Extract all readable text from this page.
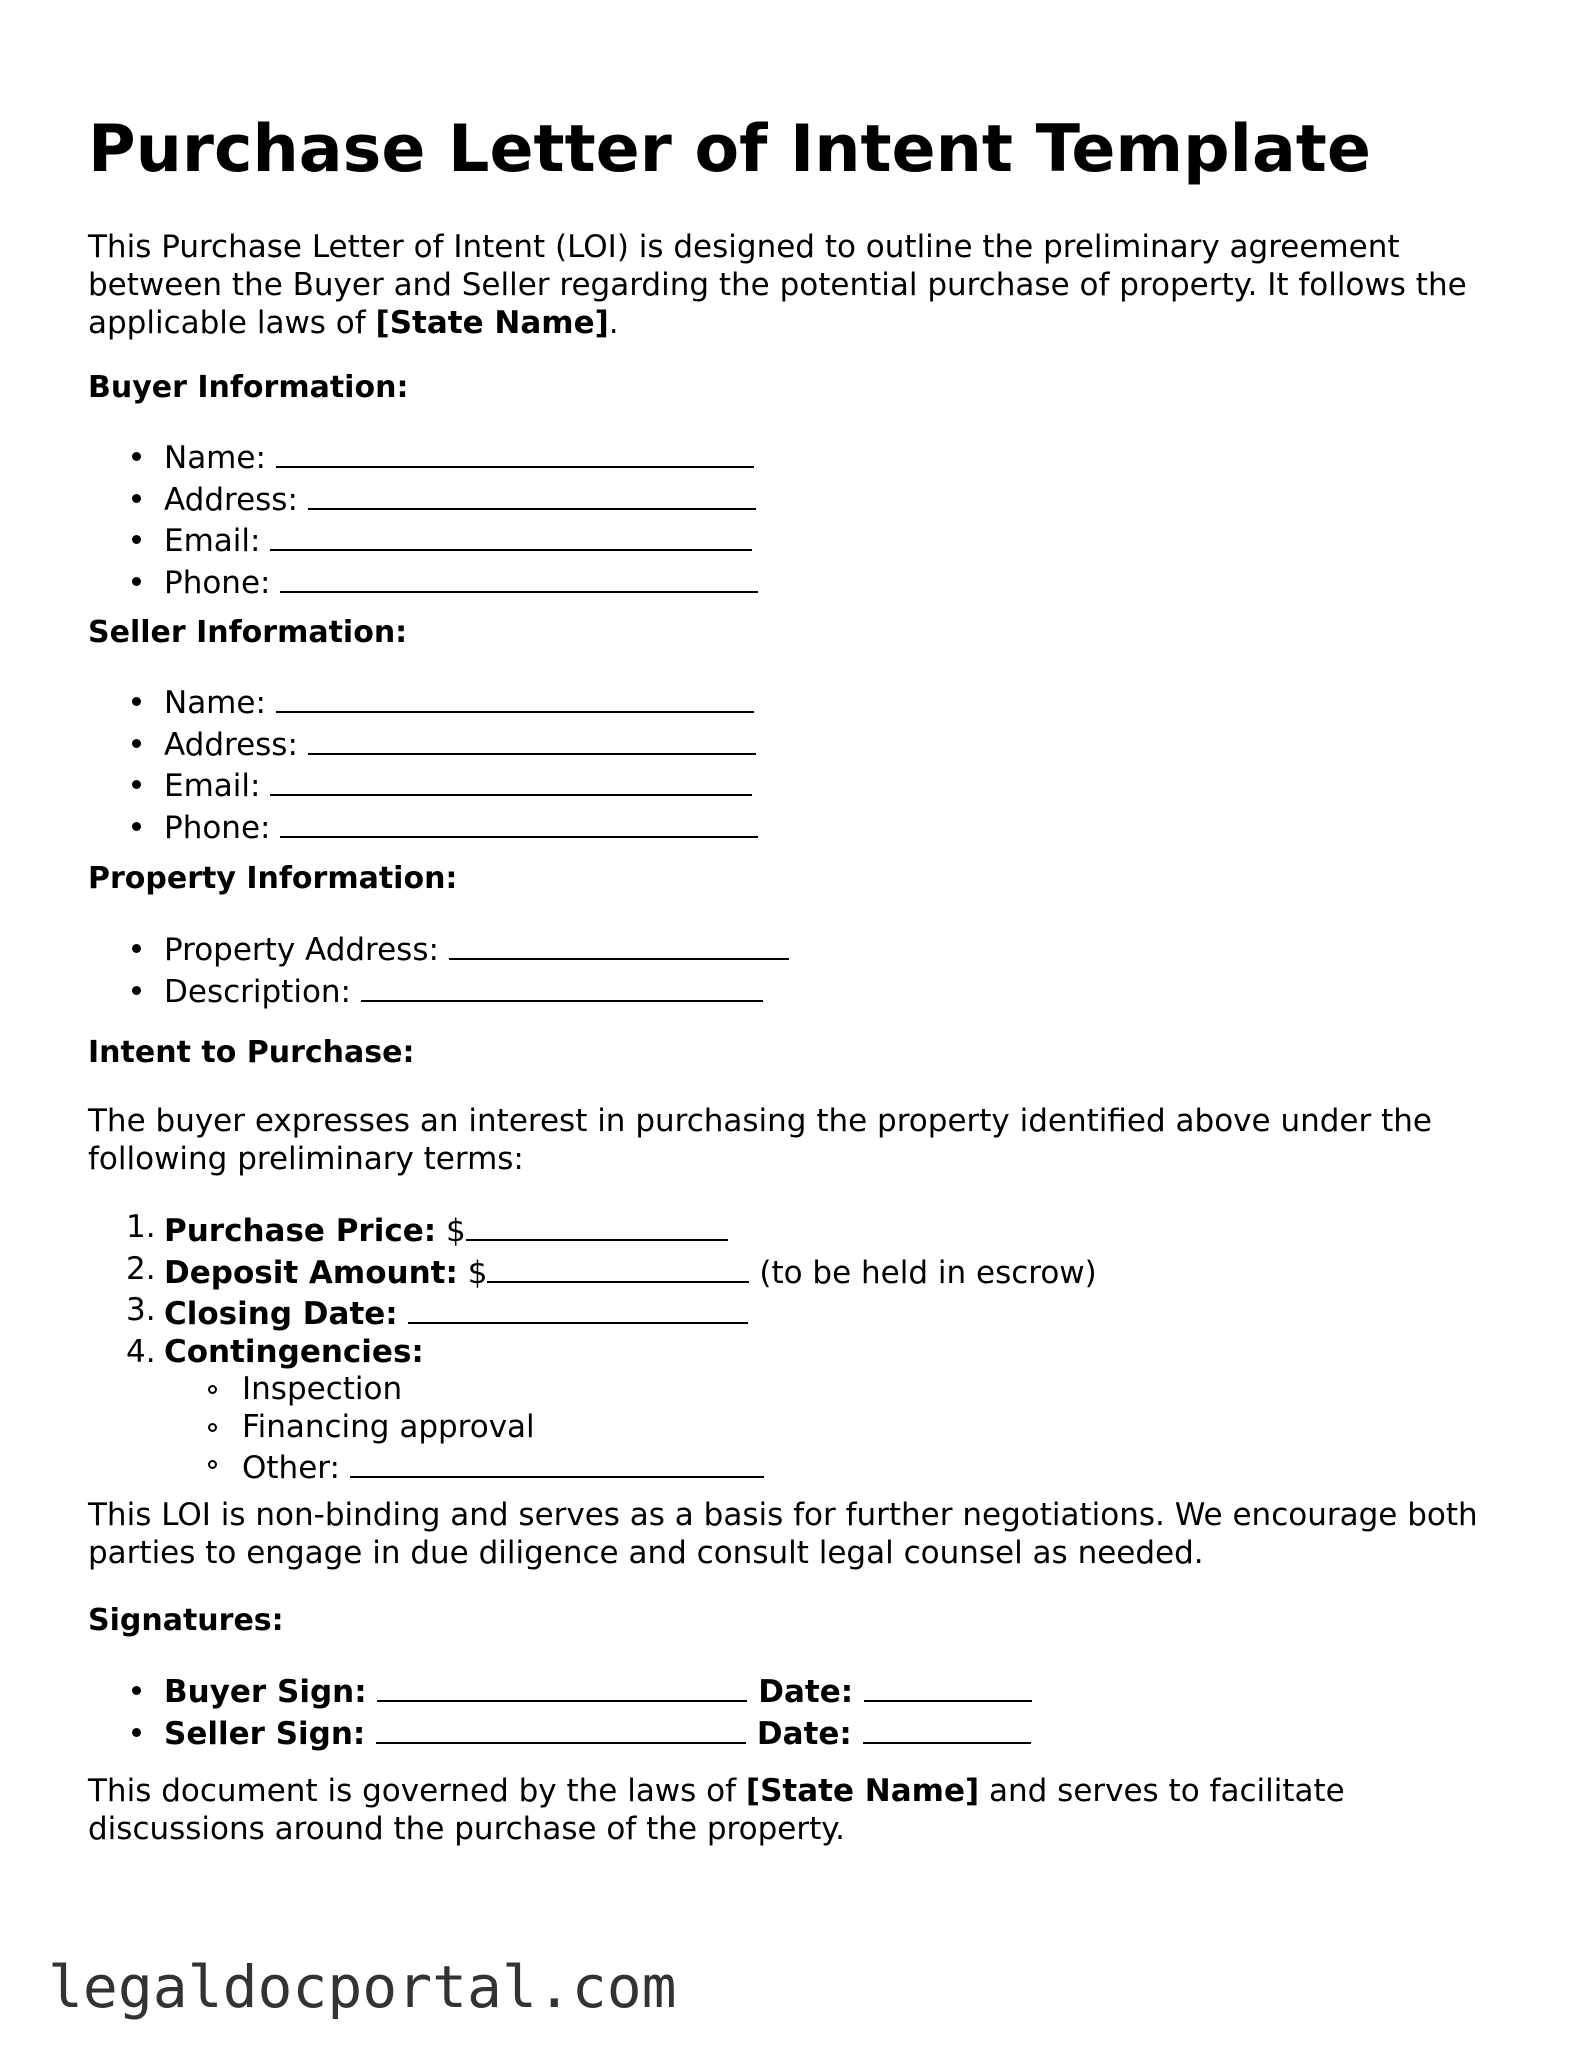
Purchase Letter of Intent Template
This Purchase Letter of Intent (LOI) is designed to outline the preliminary agreement between the Buyer and Seller regarding the potential purchase of property. It follows the applicable laws of [State Name].
Buyer Information:
Name:
Address:
Email:
Phone:
Seller Information:
Name:
Address:
Email:
Phone:
Property Information:
Property Address:
Description:
Intent to Purchase:
The buyer expresses an interest in purchasing the property identified above under the following preliminary terms:
1. Purchase Price: $
2. Deposit Amount: $	(to be held in escrow)
3. Closing Date:
4. Contingencies:
Inspection
Financing approval
Other:
This LOI is non-binding and serves as a basis for further negotiations. We encourage both parties to engage in due diligence and consult legal counsel as needed.
Signatures:
Buyer Sign:	Date:
Seller Sign:	Date:
This document is governed by the laws of [State Name] and serves to facilitate discussions around the purchase of the property.
legaldocportal.com
